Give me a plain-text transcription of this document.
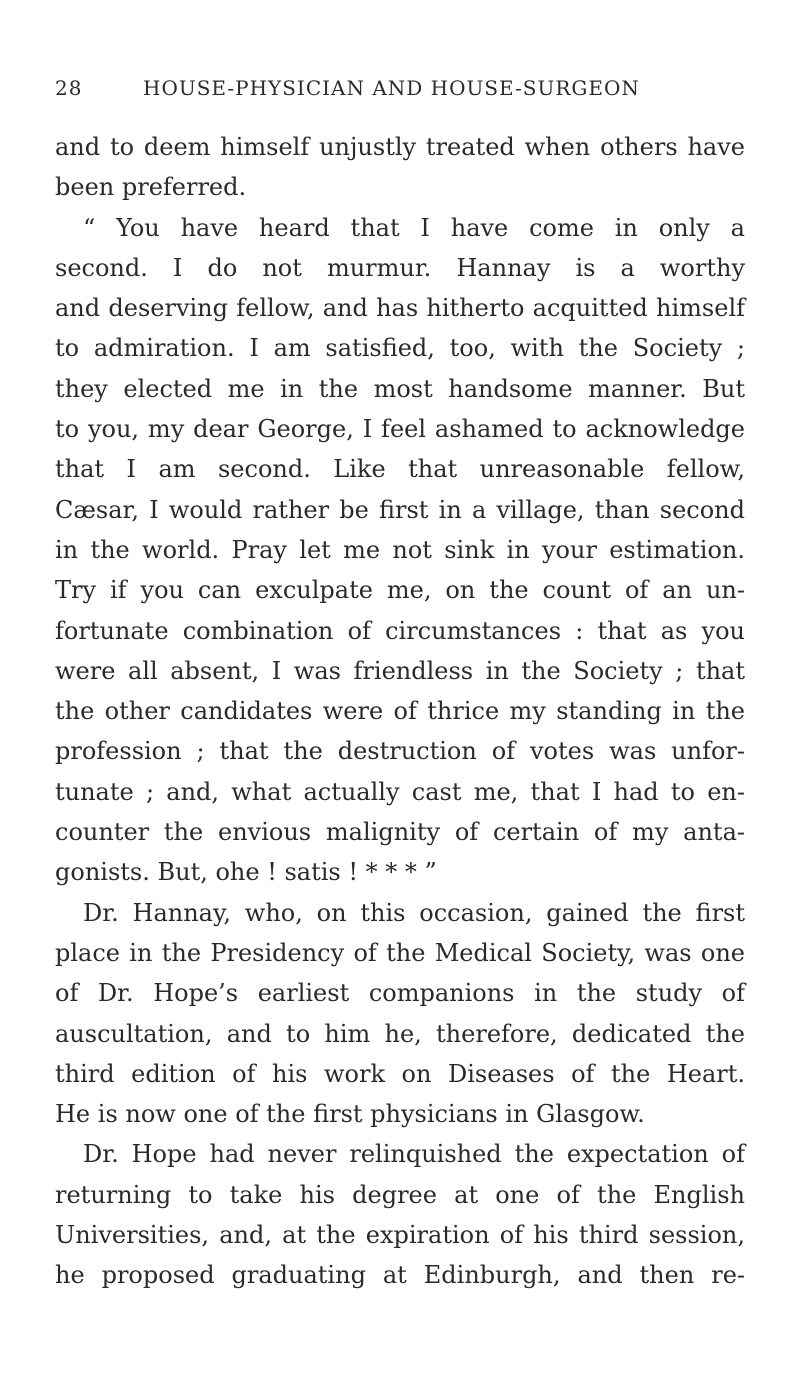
28	HOUSE-PHYSICIAN AND HOUSE-SURGEON
and to deem himself unjustly treated when others have
been preferred.
“ You have heard that I have come in only a
second. I do not murmur. Hannay is a worthy
and deserving fellow, and has hitherto acquitted himself
to admiration. I am satisfied, too, with the Society ;
they elected me in the most handsome manner. But
to you, my dear George, I feel ashamed to acknowledge
that I am second. Like that unreasonable fellow,
Cæsar, I would rather be first in a village, than second
in the world. Pray let me not sink in your estimation.
Try if you can exculpate me, on the count of an un-
fortunate combination of circumstances : that as you
were all absent, I was friendless in the Society ; that
the other candidates were of thrice my standing in the
profession ; that the destruction of votes was unfor-
tunate ; and, what actually cast me, that I had to en-
counter the envious malignity of certain of my anta-
gonists. But, ohe ! satis ! * * * ”
Dr. Hannay, who, on this occasion, gained the first
place in the Presidency of the Medical Society, was one
of Dr. Hope’s earliest companions in the study of
auscultation, and to him he, therefore, dedicated the
third edition of his work on Diseases of the Heart.
He is now one of the first physicians in Glasgow.
Dr. Hope had never relinquished the expectation of
returning to take his degree at one of the English
Universities, and, at the expiration of his third session,
he proposed graduating at Edinburgh, and then re-
